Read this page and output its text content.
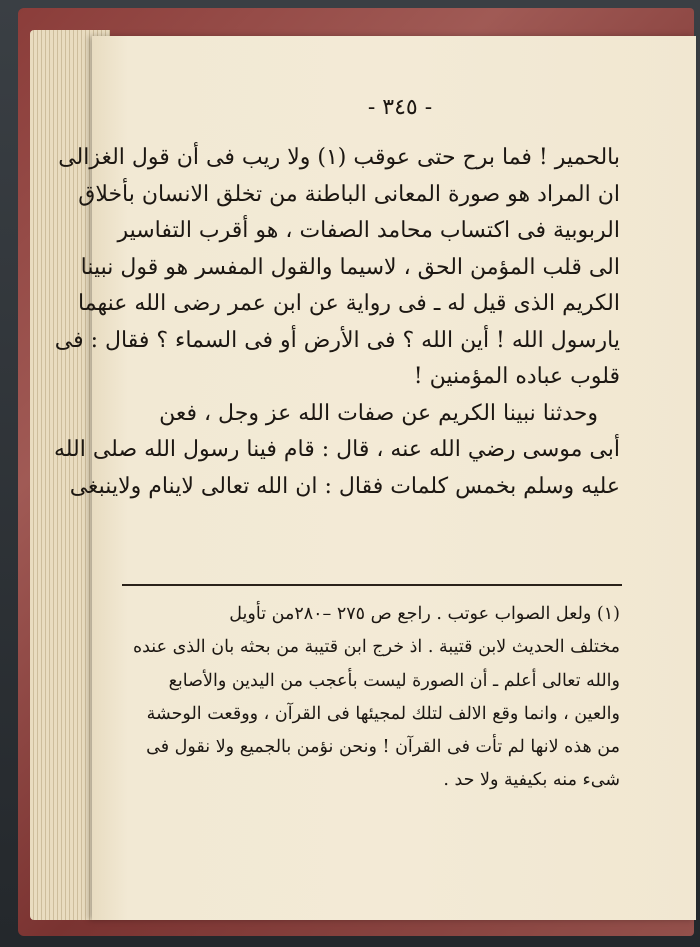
- ٣٤٥ -
بالحمير ! فما برح حتى عوقب (١) ولا ريب فى أن قول الغزالى
ان المراد هو صورة المعانى الباطنة من تخلق الانسان بأخلاق
الربوبية فى اكتساب محامد الصفات ، هو أقرب التفاسير
الى قلب المؤمن الحق ، لاسيما والقول المفسر هو قول نبينا
الكريم الذى قيل له ـ فى رواية عن ابن عمر رضى الله عنهما
يارسول الله ! أين الله ؟ فى الأرض أو فى السماء ؟ فقال : فى
قلوب عباده المؤمنين !
وحدثنا نبينا الكريم عن صفات الله عز وجل ، فعن
أبى موسى رضي الله عنه ، قال : قام فينا رسول الله صلى الله
عليه وسلم بخمس كلمات فقال : ان الله تعالى لاينام ولاينبغى
(١) ولعل الصواب عوتب . راجع ص ٢٧٥ –٢٨٠من تأويل
مختلف الحديث لابن قتيبة . اذ خرج ابن قتيبة من بحثه بان الذى عنده
والله تعالى أعلم ـ أن الصورة ليست بأعجب من اليدين والأصابع
والعين ، وانما وقع الالف لتلك لمجيئها فى القرآن ، ووقعت الوحشة
من هذه لانها لم تأت فى القرآن ! ونحن نؤمن بالجميع ولا نقول فى
شىء منه بكيفية ولا حد .
